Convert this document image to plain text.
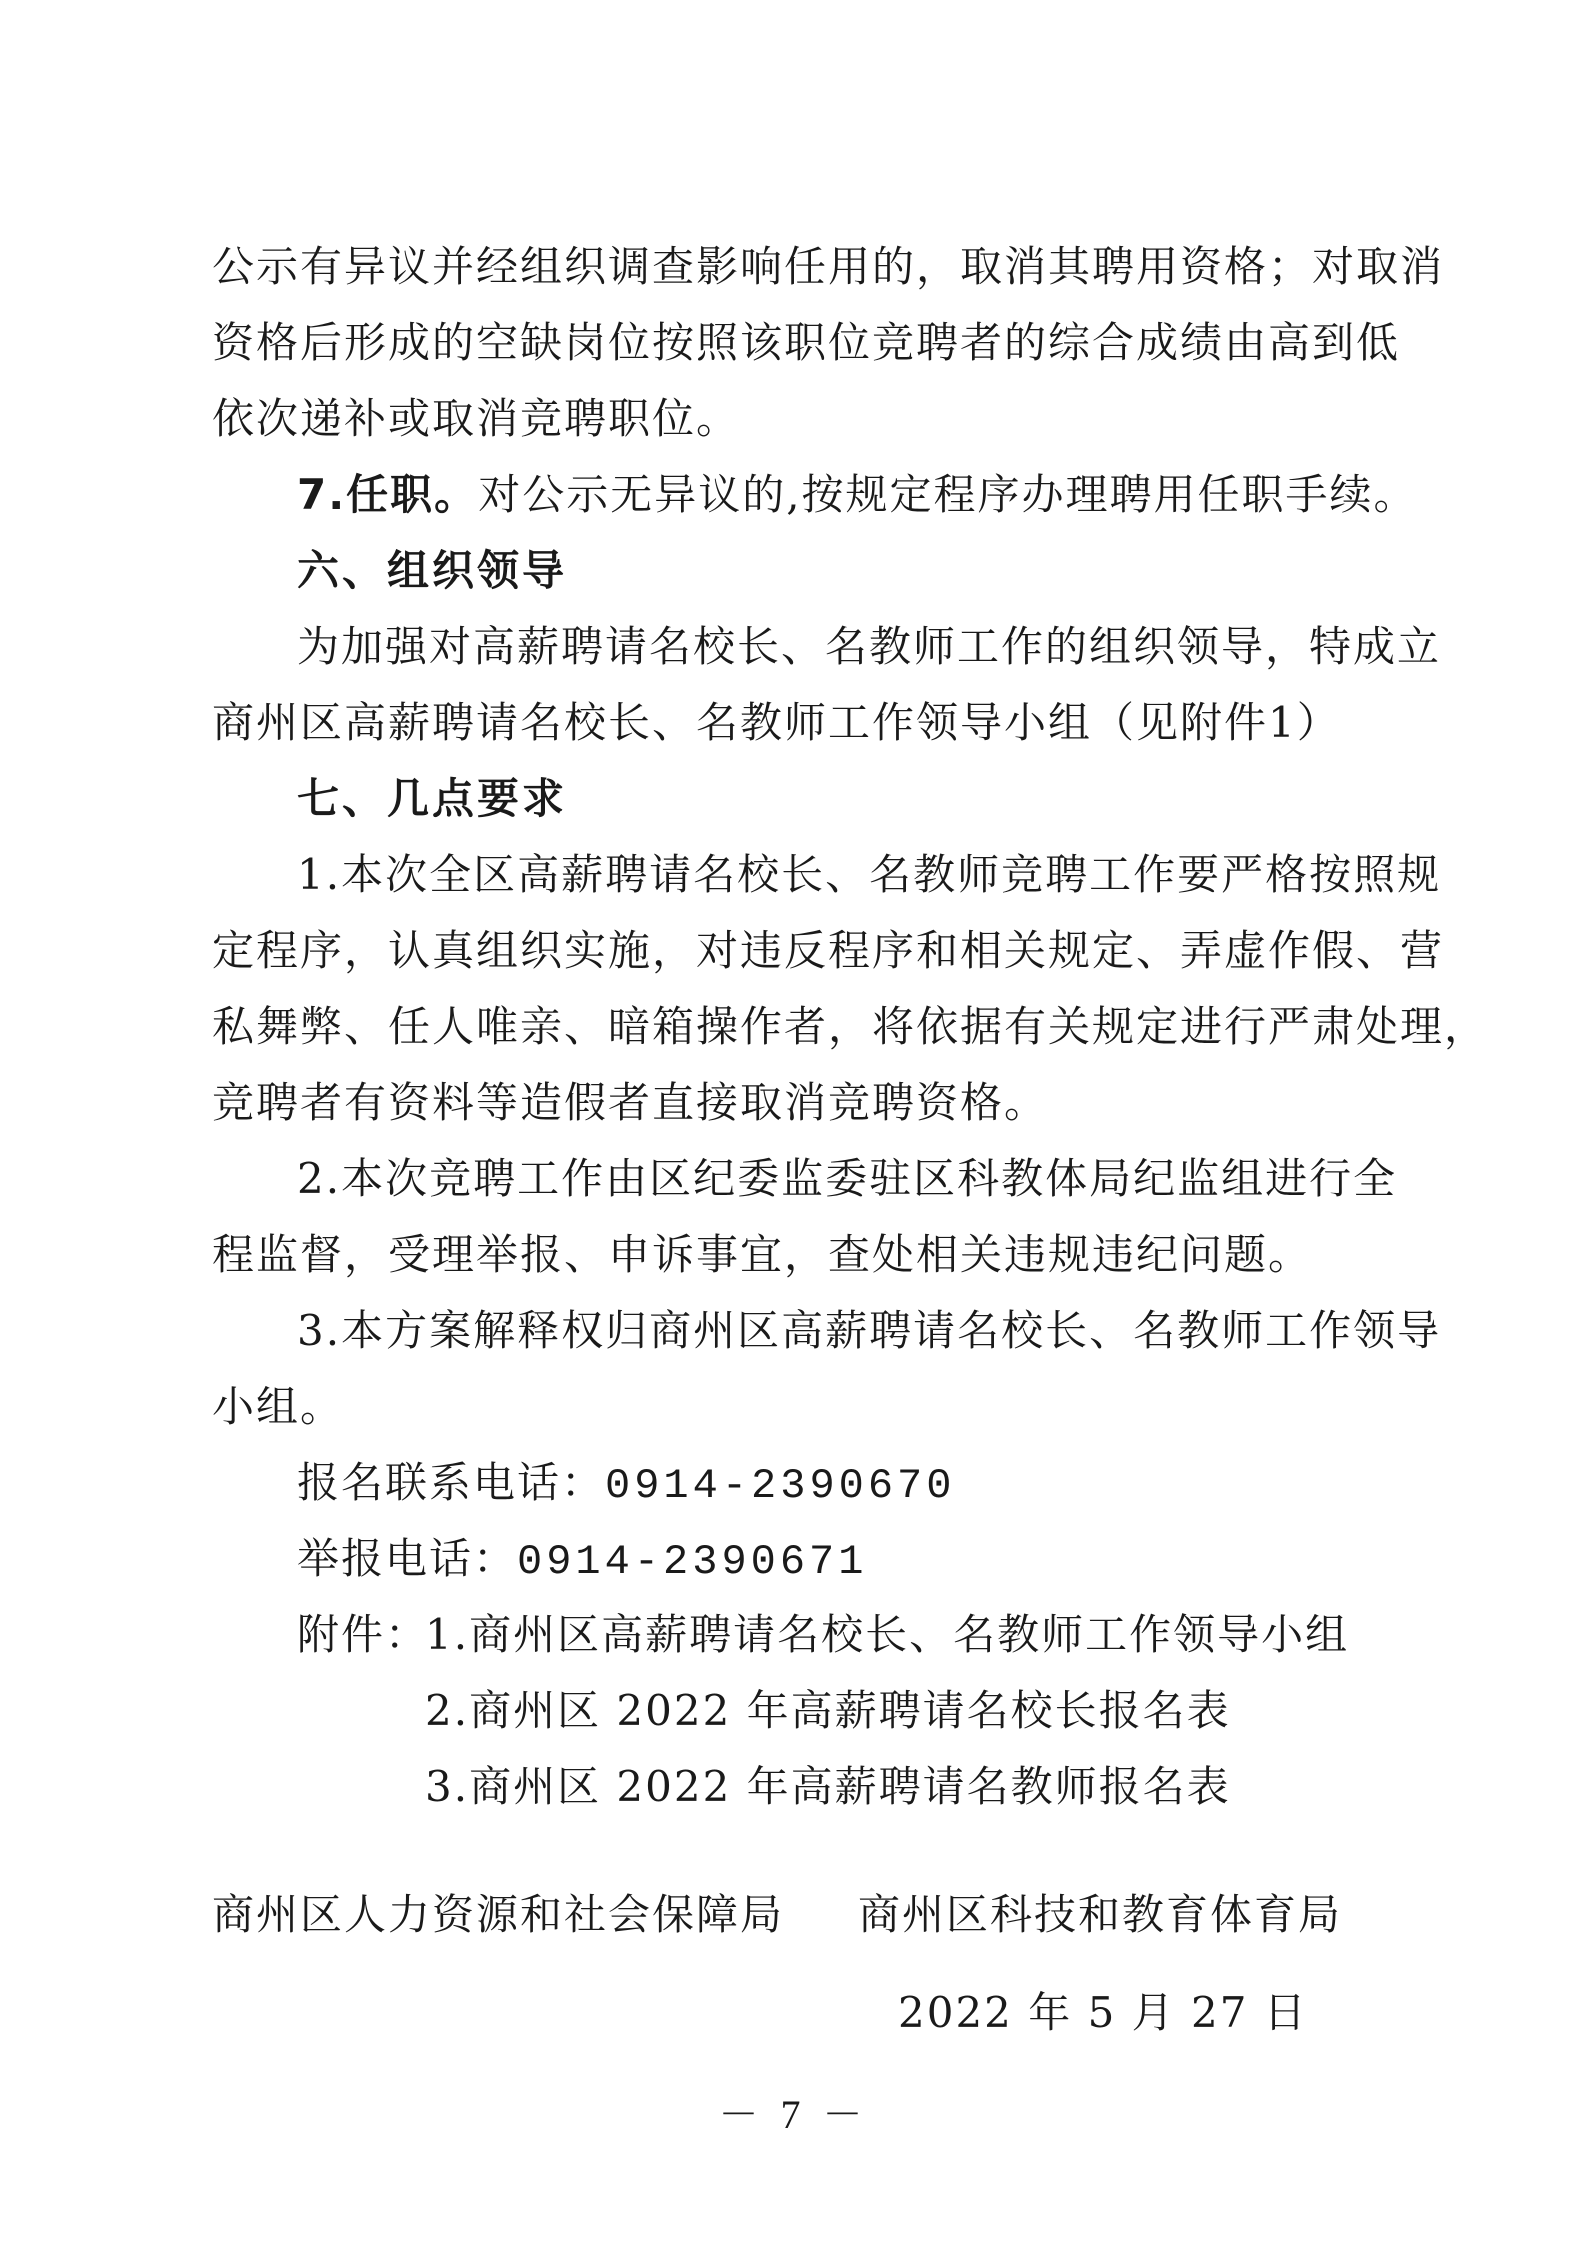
公示有异议并经组织调查影响任用的，取消其聘用资格；对取消
资格后形成的空缺岗位按照该职位竞聘者的综合成绩由高到低
依次递补或取消竞聘职位。
7.任职。对公示无异议的,按规定程序办理聘用任职手续。
六、组织领导
为加强对高薪聘请名校长、名教师工作的组织领导，特成立
商州区高薪聘请名校长、名教师工作领导小组（见附件1）
七、几点要求
1.本次全区高薪聘请名校长、名教师竞聘工作要严格按照规
定程序，认真组织实施，对违反程序和相关规定、弄虚作假、营
私舞弊、任人唯亲、暗箱操作者，将依据有关规定进行严肃处理，
竞聘者有资料等造假者直接取消竞聘资格。
2.本次竞聘工作由区纪委监委驻区科教体局纪监组进行全
程监督，受理举报、申诉事宜，查处相关违规违纪问题。
3.本方案解释权归商州区高薪聘请名校长、名教师工作领导
小组。
报名联系电话：0914-2390670
举报电话：0914-2390671
附件：
1.商州区高薪聘请名校长、名教师工作领导小组
2.商州区 2022 年高薪聘请名校长报名表
3.商州区 2022 年高薪聘请名教师报名表
商州区人力资源和社会保障局 商州区科技和教育体育局
2022 年 5 月 27 日
－ 7 －
